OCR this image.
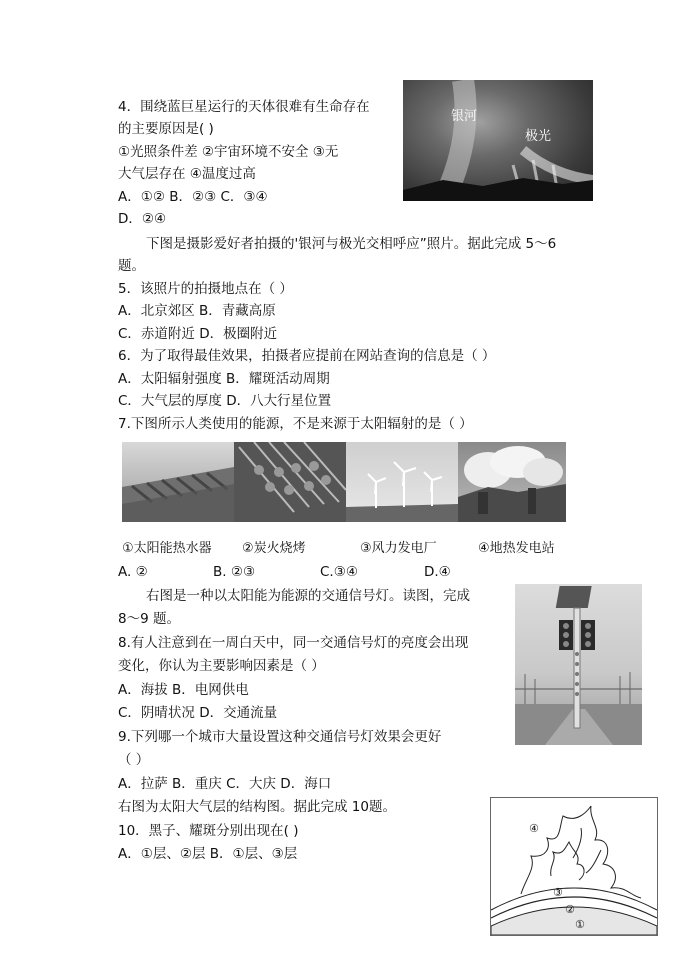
4．围绕蓝巨星运行的天体很难有生命存在
的主要原因是( )
①光照条件差 ②宇宙环境不安全 ③无
大气层存在 ④温度过高
A．①② B．②③ C．③④
D．②④
银河
极光
下图是摄影爱好者拍摄的'银河与极光交相呼应”照片。据此完成 5～6
题。
5．该照片的拍摄地点在（ ）
A．北京郊区 B．青藏高原
C．赤道附近 D．极圈附近
6．为了取得最佳效果，拍摄者应提前在网站查询的信息是（ ）
A．太阳辐射强度 B．耀斑活动周期
C．大气层的厚度 D．八大行星位置
7.下图所示人类使用的能源，不是来源于太阳辐射的是（ ）
①太阳能热水器 ②炭火烧烤	③风力发电厂	④地热发电站
A. ②	B. ②③	C.③④	D.④
右图是一种以太阳能为能源的交通信号灯。读图，完成
8～9 题。
8.有人注意到在一周白天中，同一交通信号灯的亮度会出现
变化，你认为主要影响因素是（ ）
A．海拔 B．电网供电
C．阴晴状况 D．交通流量
9.下列哪一个城市大量设置这种交通信号灯效果会更好
（ ）
A．拉萨 B．重庆 C．大庆 D．海口
右图为太阳大气层的结构图。据此完成 10题。
10．黑子、耀斑分别出现在( )
A．①层、②层 B．①层、③层
④
③
②
①
